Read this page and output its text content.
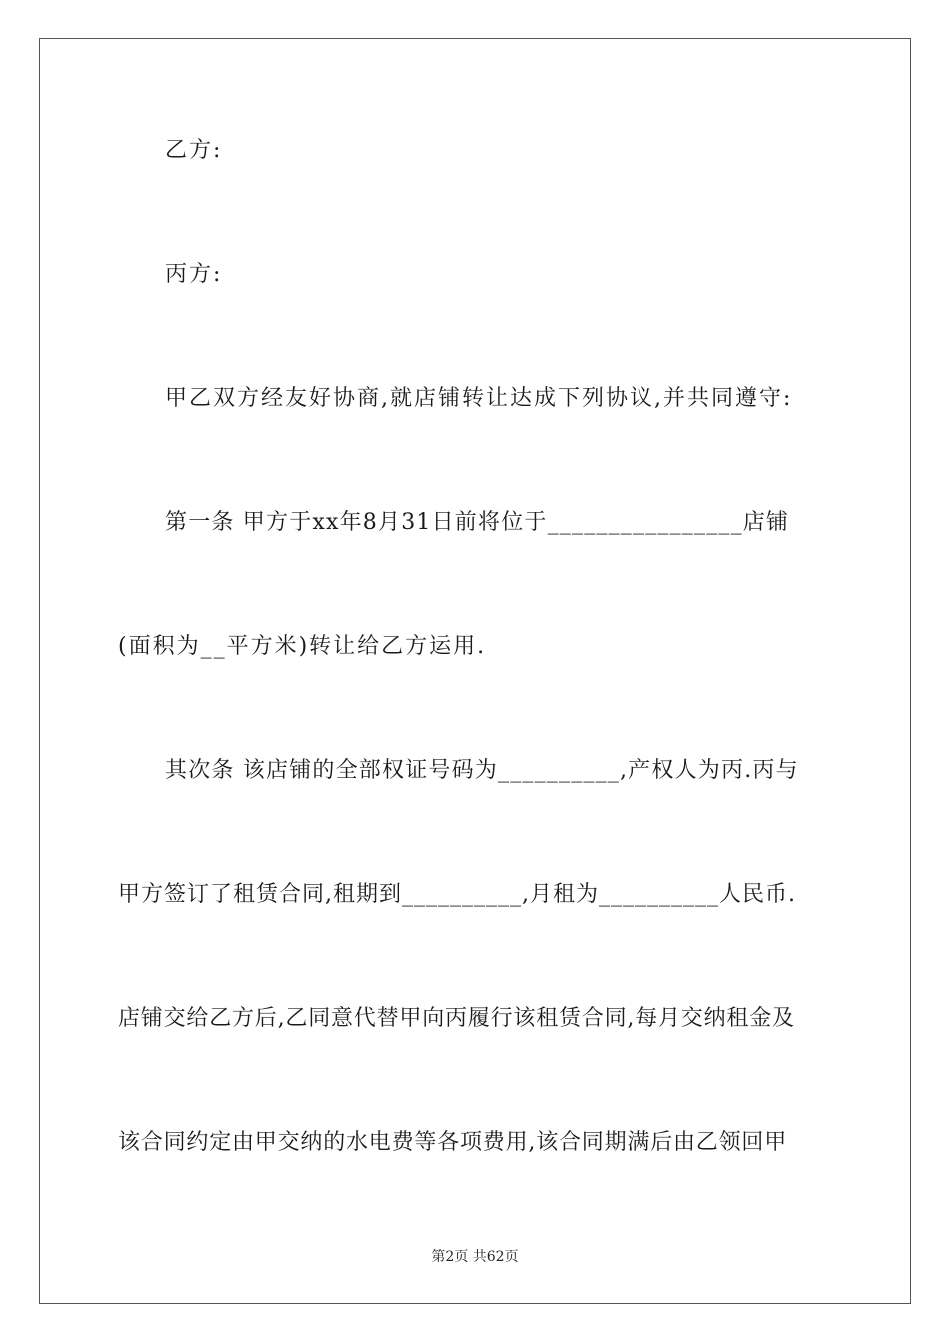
乙方:
丙方:
甲乙双方经友好协商,就店铺转让达成下列协议,并共同遵守:
第一条 甲方于xx年8月31日前将位于________________店铺
(面积为__平方米)转让给乙方运用.
其次条 该店铺的全部权证号码为__________,产权人为丙.丙与
甲方签订了租赁合同,租期到__________,月租为__________人民币.
店铺交给乙方后,乙同意代替甲向丙履行该租赁合同,每月交纳租金及
该合同约定由甲交纳的水电费等各项费用,该合同期满后由乙领回甲
第2页 共62页
